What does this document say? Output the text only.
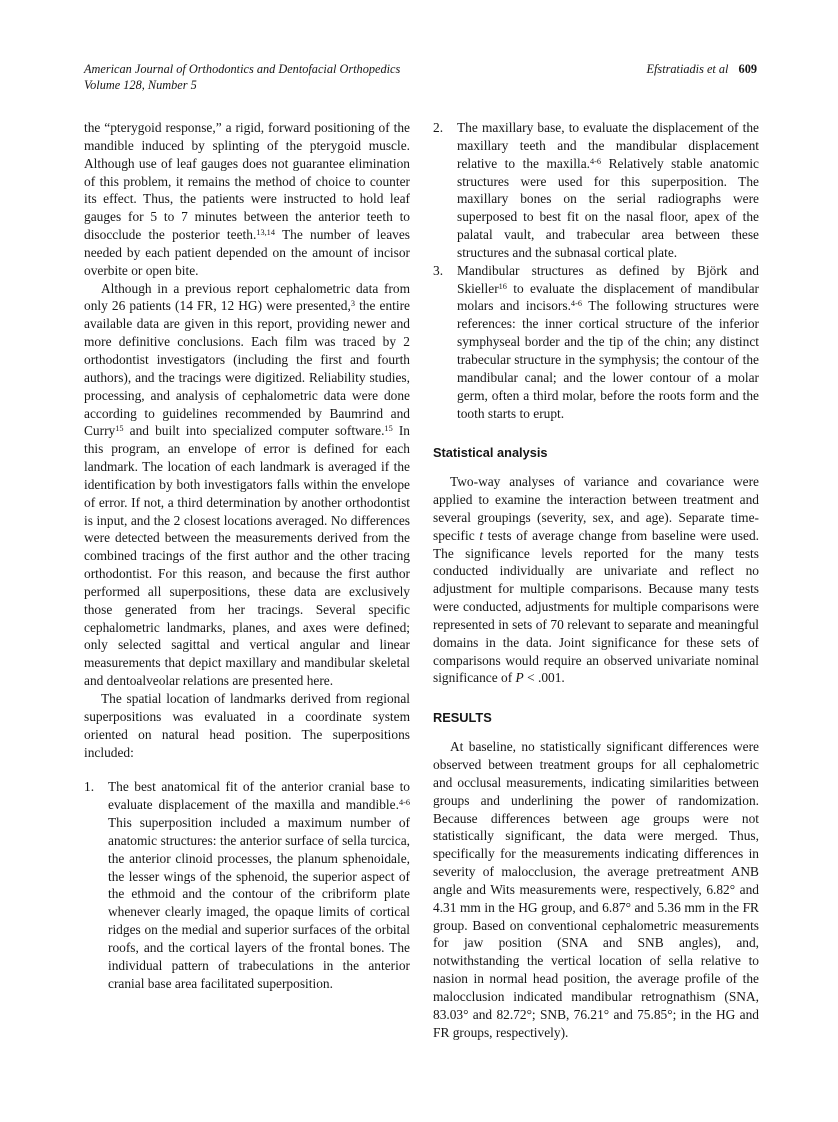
American Journal of Orthodontics and Dentofacial Orthopedics
Volume 128, Number 5
Efstratiadis et al 609

the “pterygoid response,” a rigid, forward positioning of the mandible induced by splinting of the pterygoid muscle. Although use of leaf gauges does not guarantee elimination of this problem, it remains the method of choice to counter its effect. Thus, the patients were instructed to hold leaf gauges for 5 to 7 minutes between the anterior teeth to disocclude the posterior teeth.$^{13,14}$ The number of leaves needed by each patient depended on the amount of incisor overbite or open bite.

Although in a previous report cephalometric data from only 26 patients (14 FR, 12 HG) were presented,$^3$ the entire available data are given in this report, providing newer and more definitive conclusions. Each film was traced by 2 orthodontist investigators (including the first and fourth authors), and the tracings were digitized. Reliability studies, processing, and analysis of cephalometric data were done according to guidelines recommended by Baumrind and Curry$^{15}$ and built into specialized computer software.$^{15}$ In this program, an envelope of error is defined for each landmark. The location of each landmark is averaged if the identification by both investigators falls within the envelope of error. If not, a third determination by another orthodontist is input, and the 2 closest locations averaged. No differences were detected between the measurements derived from the combined tracings of the first author and the other tracing orthodontist. For this reason, and because the first author performed all superpositions, these data are exclusively those generated from her tracings. Several specific cephalometric landmarks, planes, and axes were defined; only selected sagittal and vertical angular and linear measurements that depict maxillary and mandibular skeletal and dentoalveolar relations are presented here.

The spatial location of landmarks derived from regional superpositions was evaluated in a coordinate system oriented on natural head position. The superpositions included:

1.	The best anatomical fit of the anterior cranial base to evaluate displacement of the maxilla and mandible.$^{4-6}$ This superposition included a maximum number of anatomic structures: the anterior surface of sella turcica, the anterior clinoid processes, the planum sphenoidale, the lesser wings of the sphenoid, the superior aspect of the ethmoid and the contour of the cribriform plate whenever clearly imaged, the opaque limits of cortical ridges on the medial and superior surfaces of the orbital roofs, and the cortical layers of the frontal bones. The individual pattern of trabeculations in the anterior cranial base area facilitated superposition.
2.	The maxillary base, to evaluate the displacement of the maxillary teeth and the mandibular displacement relative to the maxilla.$^{4-6}$ Relatively stable anatomic structures were used for this superposition. The maxillary bones on the serial radiographs were superposed to best fit on the nasal floor, apex of the palatal vault, and trabecular area between these structures and the subnasal cortical plate.
3.	Mandibular structures as defined by Björk and Skieller$^{16}$ to evaluate the displacement of mandibular molars and incisors.$^{4-6}$ The following structures were references: the inner cortical structure of the inferior symphyseal border and the tip of the chin; any distinct trabecular structure in the symphysis; the contour of the mandibular canal; and the lower contour of a molar germ, often a third molar, before the roots form and the tooth starts to erupt.
Statistical analysis

Two-way analyses of variance and covariance were applied to examine the interaction between treatment and several groupings (severity, sex, and age). Separate time-specific t tests of average change from baseline were used. The significance levels reported for the many tests conducted individually are univariate and reflect no adjustment for multiple comparisons. Because many tests were conducted, adjustments for multiple comparisons were represented in sets of 70 relevant to separate and meaningful domains in the data. Joint significance for these sets of comparisons would require an observed univariate nominal significance of P < .001.

RESULTS

At baseline, no statistically significant differences were observed between treatment groups for all cephalometric and occlusal measurements, indicating similarities between groups and underlining the power of randomization. Because differences between age groups were not statistically significant, the data were merged. Thus, specifically for the measurements indicating differences in severity of malocclusion, the average pretreatment ANB angle and Wits measurements were, respectively, 6.82° and 4.31 mm in the HG group, and 6.87° and 5.36 mm in the FR group. Based on conventional cephalometric measurements for jaw position (SNA and SNB angles), and, notwithstanding the vertical location of sella relative to nasion in normal head position, the average profile of the malocclusion indicated mandibular retrognathism (SNA, 83.03° and 82.72°; SNB, 76.21° and 75.85°; in the HG and FR groups, respectively).
